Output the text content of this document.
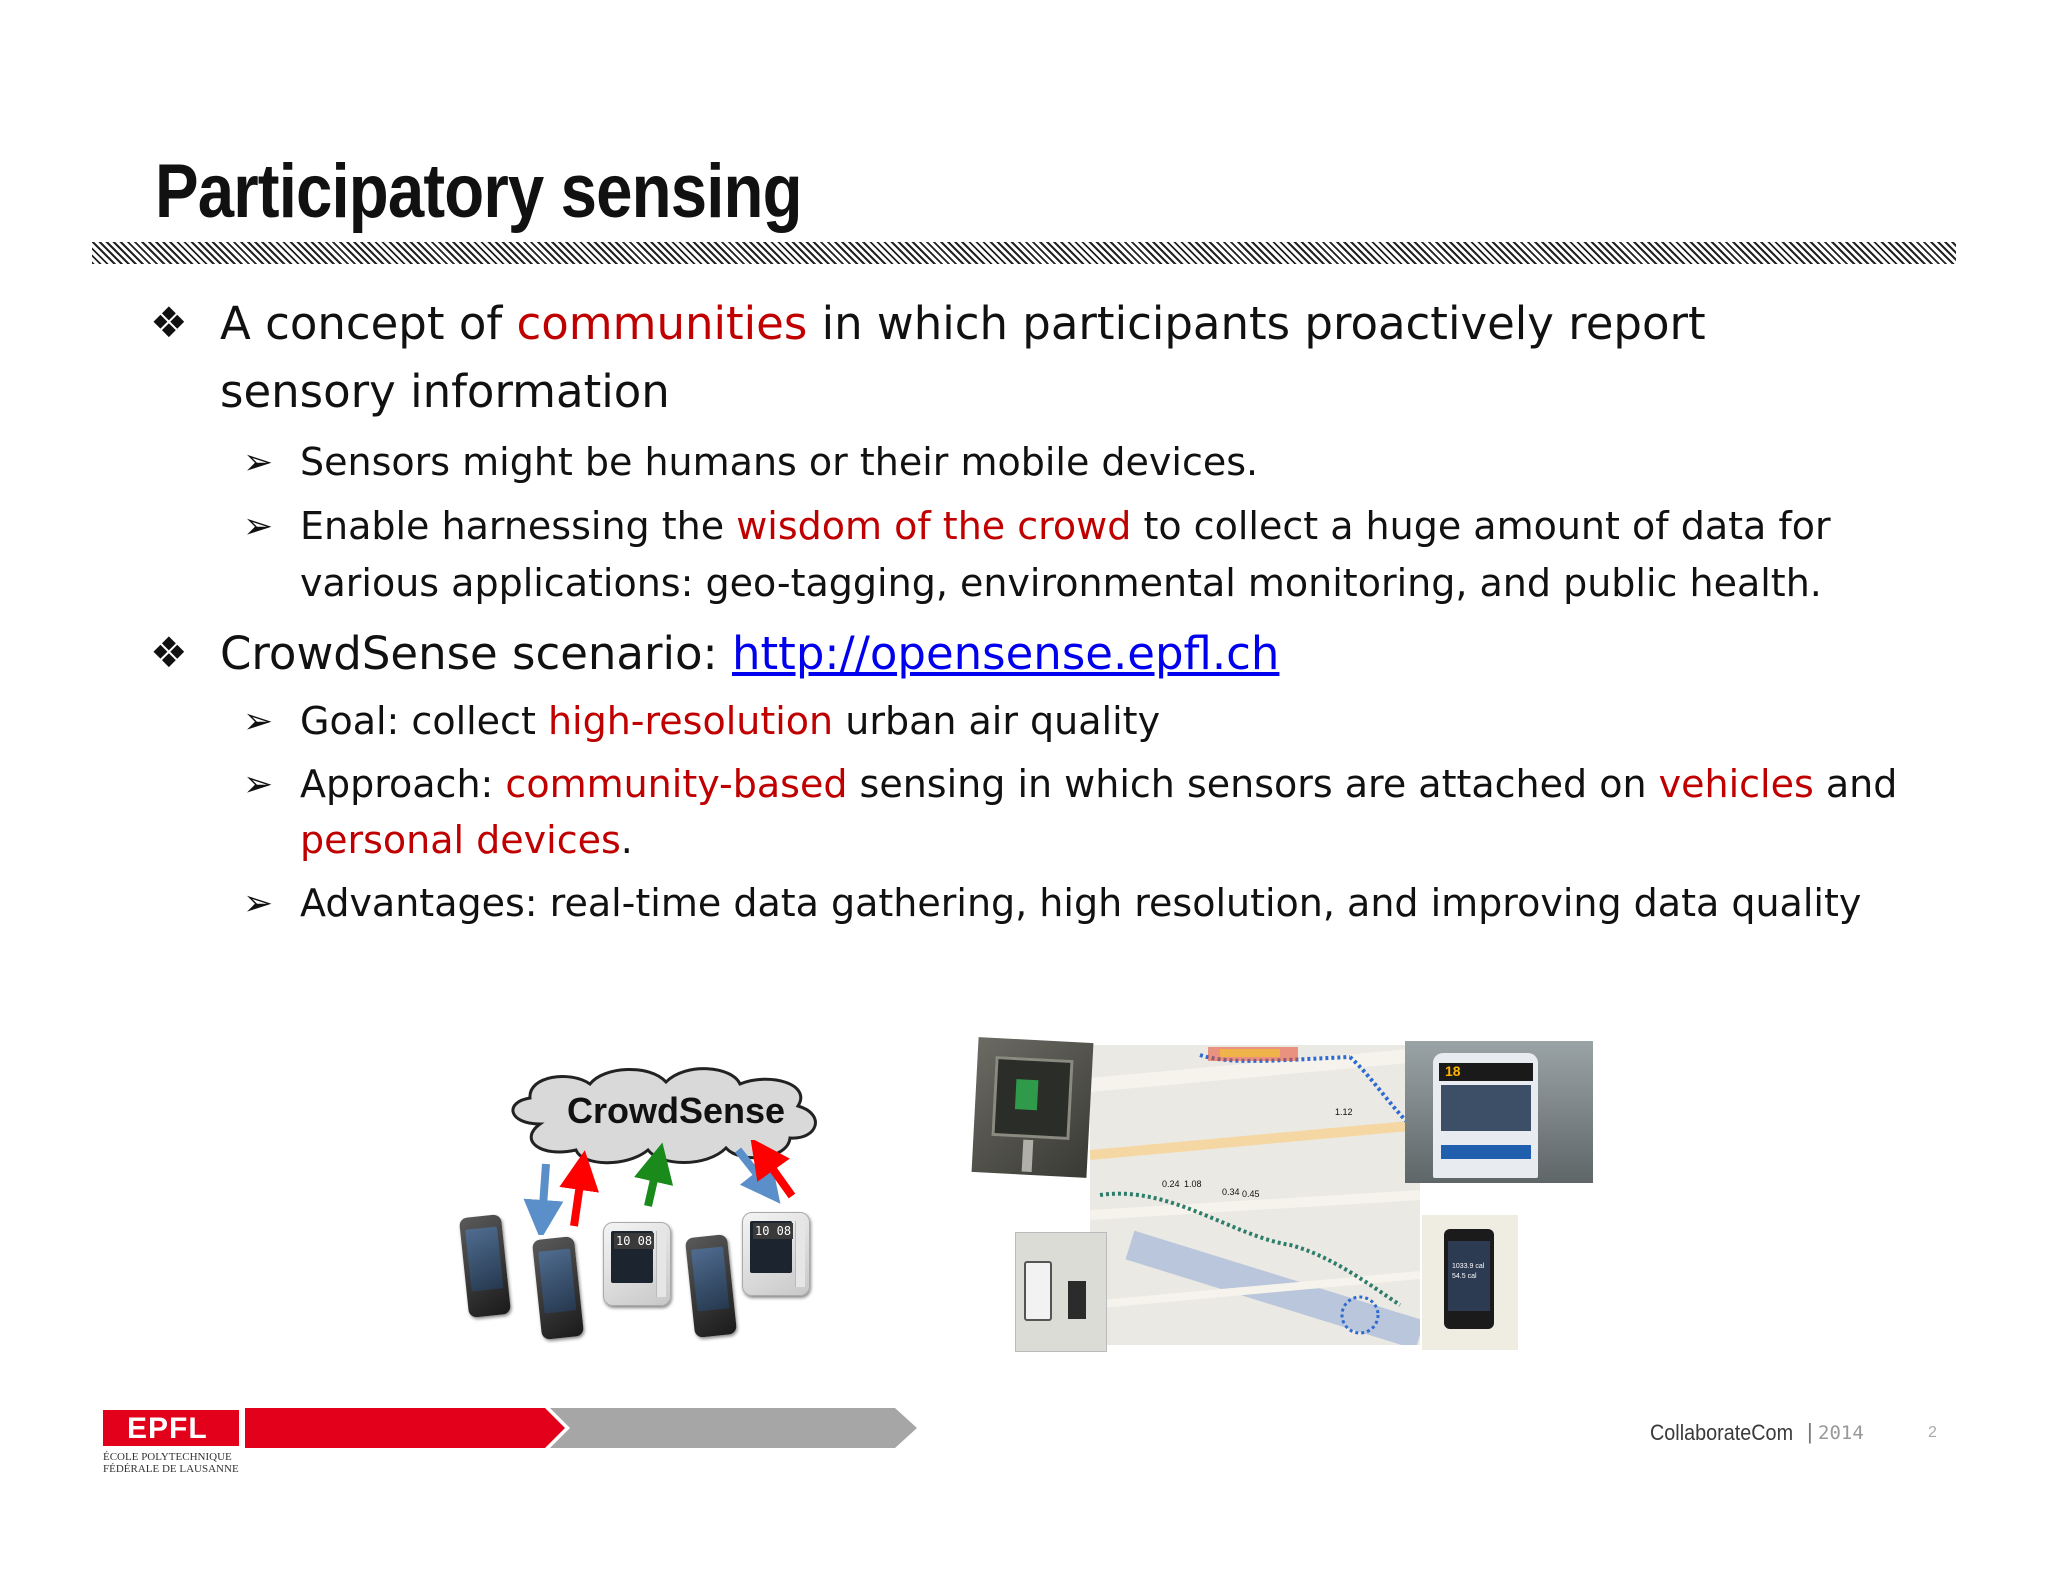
Participatory sensing
❖ A concept of communities in which participants proactively report

sensory information

➢ Sensors might be humans or their mobile devices.

➢ Enable harnessing the wisdom of the crowd to collect a huge amount of data for

various applications: geo-tagging, environmental monitoring, and public health.

❖ CrowdSense scenario: http://opensense.epfl.ch

➢ Goal: collect high-resolution urban air quality

➢ Approach: community-based sensing in which sensors are attached on vehicles and

personal devices.

➢ Advantages: real-time data gathering, high resolution, and improving data quality

CrowdSense
10 08
10 08
1.12
0.24 1.08
0.34 0.45
18
1033.9 cal
54.5 cal
EPFL
ÉCOLE POLYTECHNIQUE
FÉDÉRALE DE LAUSANNE
CollaborateCom | 2014	2
